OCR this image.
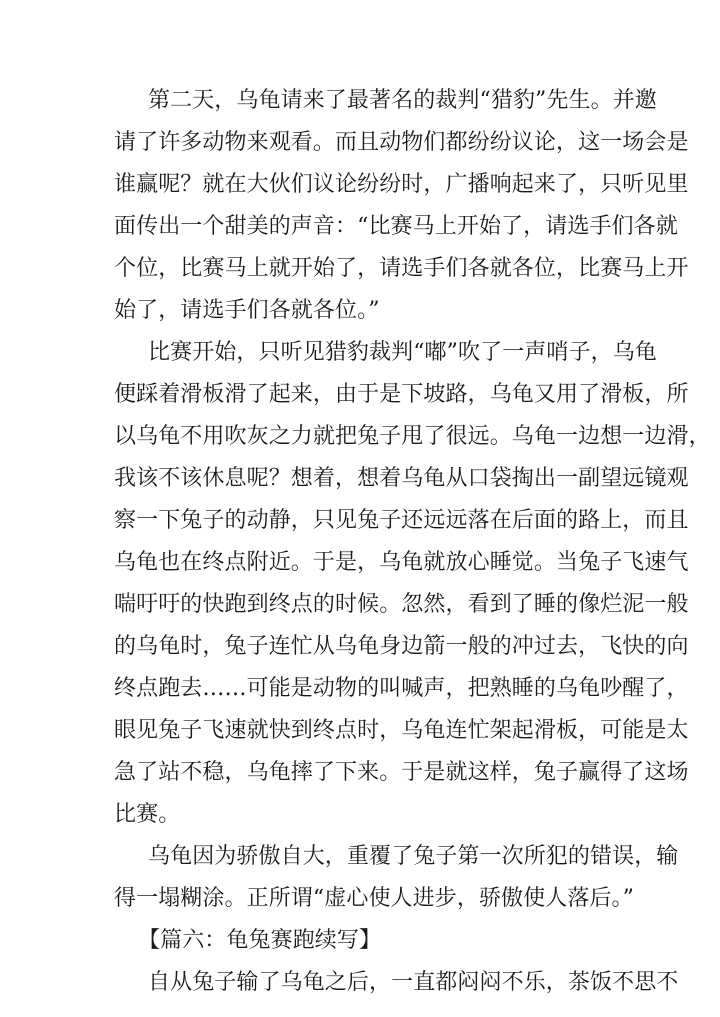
第二天，乌龟请来了最著名的裁判“猎豹”先生。并邀
请了许多动物来观看。而且动物们都纷纷议论，这一场会是
谁赢呢？就在大伙们议论纷纷时，广播响起来了，只听见里
面传出一个甜美的声音：“比赛马上开始了，请选手们各就
个位，比赛马上就开始了，请选手们各就各位，比赛马上开
始了，请选手们各就各位。”
比赛开始，只听见猎豹裁判“嘟”吹了一声哨子，乌龟
便踩着滑板滑了起来，由于是下坡路，乌龟又用了滑板，所
以乌龟不用吹灰之力就把兔子甩了很远。乌龟一边想一边滑，
我该不该休息呢？想着，想着乌龟从口袋掏出一副望远镜观
察一下兔子的动静，只见兔子还远远落在后面的路上，而且
乌龟也在终点附近。于是，乌龟就放心睡觉。当兔子飞速气
喘吁吁的快跑到终点的时候。忽然，看到了睡的像烂泥一般
的乌龟时，兔子连忙从乌龟身边箭一般的冲过去，飞快的向
终点跑去……可能是动物的叫喊声，把熟睡的乌龟吵醒了，
眼见兔子飞速就快到终点时，乌龟连忙架起滑板，可能是太
急了站不稳，乌龟摔了下来。于是就这样，兔子赢得了这场
比赛。
乌龟因为骄傲自大，重覆了兔子第一次所犯的错误，输
得一塌糊涂。正所谓“虚心使人进步，骄傲使人落后。”
【篇六：龟兔赛跑续写】
自从兔子输了乌龟之后，一直都闷闷不乐，茶饭不思不
